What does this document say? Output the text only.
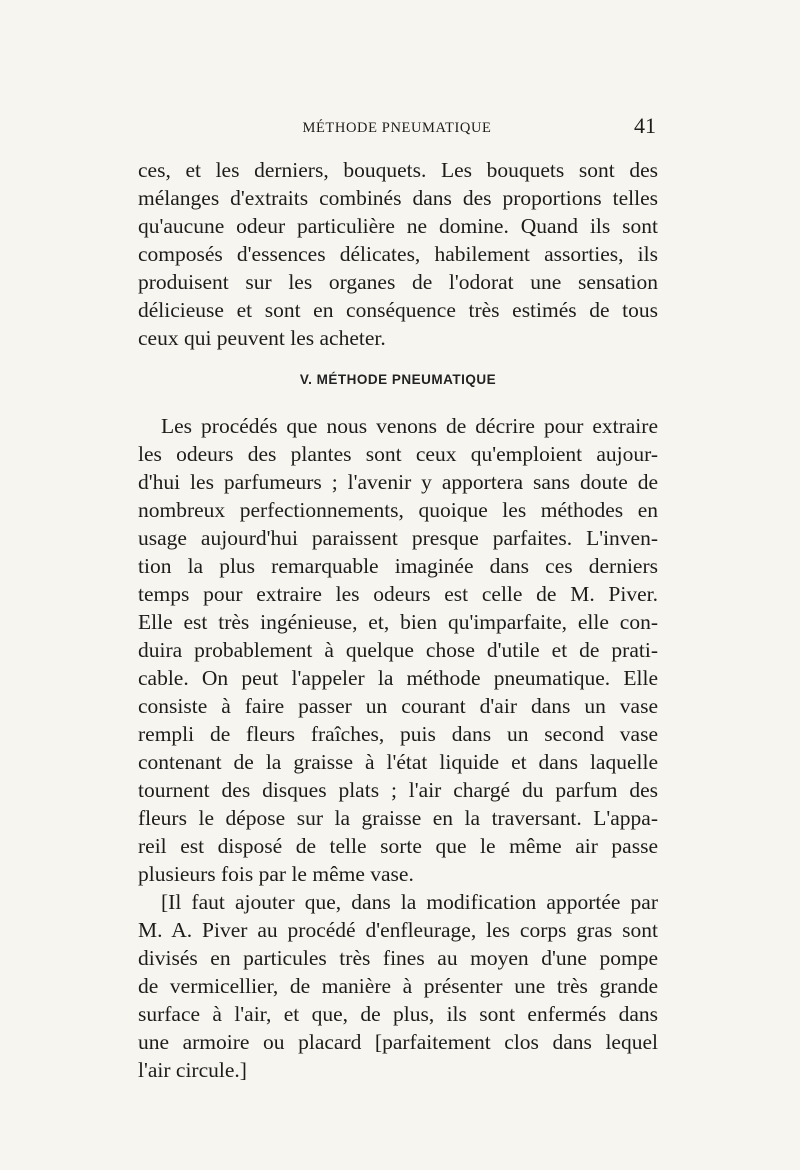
MÉTHODE PNEUMATIQUE	41
ces, et les derniers, bouquets. Les bouquets sont des
mélanges d'extraits combinés dans des proportions telles
qu'aucune odeur particulière ne domine. Quand ils sont
composés d'essences délicates, habilement assorties, ils
produisent sur les organes de l'odorat une sensation
délicieuse et sont en conséquence très estimés de tous
ceux qui peuvent les acheter.
V. MÉTHODE PNEUMATIQUE
Les procédés que nous venons de décrire pour extraire
les odeurs des plantes sont ceux qu'emploient aujour-
d'hui les parfumeurs ; l'avenir y apportera sans doute de
nombreux perfectionnements, quoique les méthodes en
usage aujourd'hui paraissent presque parfaites. L'inven-
tion la plus remarquable imaginée dans ces derniers
temps pour extraire les odeurs est celle de M. Piver.
Elle est très ingénieuse, et, bien qu'imparfaite, elle con-
duira probablement à quelque chose d'utile et de prati-
cable. On peut l'appeler la méthode pneumatique. Elle
consiste à faire passer un courant d'air dans un vase
rempli de fleurs fraîches, puis dans un second vase
contenant de la graisse à l'état liquide et dans laquelle
tournent des disques plats ; l'air chargé du parfum des
fleurs le dépose sur la graisse en la traversant. L'appa-
reil est disposé de telle sorte que le même air passe
plusieurs fois par le même vase.
[Il faut ajouter que, dans la modification apportée par
M. A. Piver au procédé d'enfleurage, les corps gras sont
divisés en particules très fines au moyen d'une pompe
de vermicellier, de manière à présenter une très grande
surface à l'air, et que, de plus, ils sont enfermés dans
une armoire ou placard [parfaitement clos dans lequel
l'air circule.]
